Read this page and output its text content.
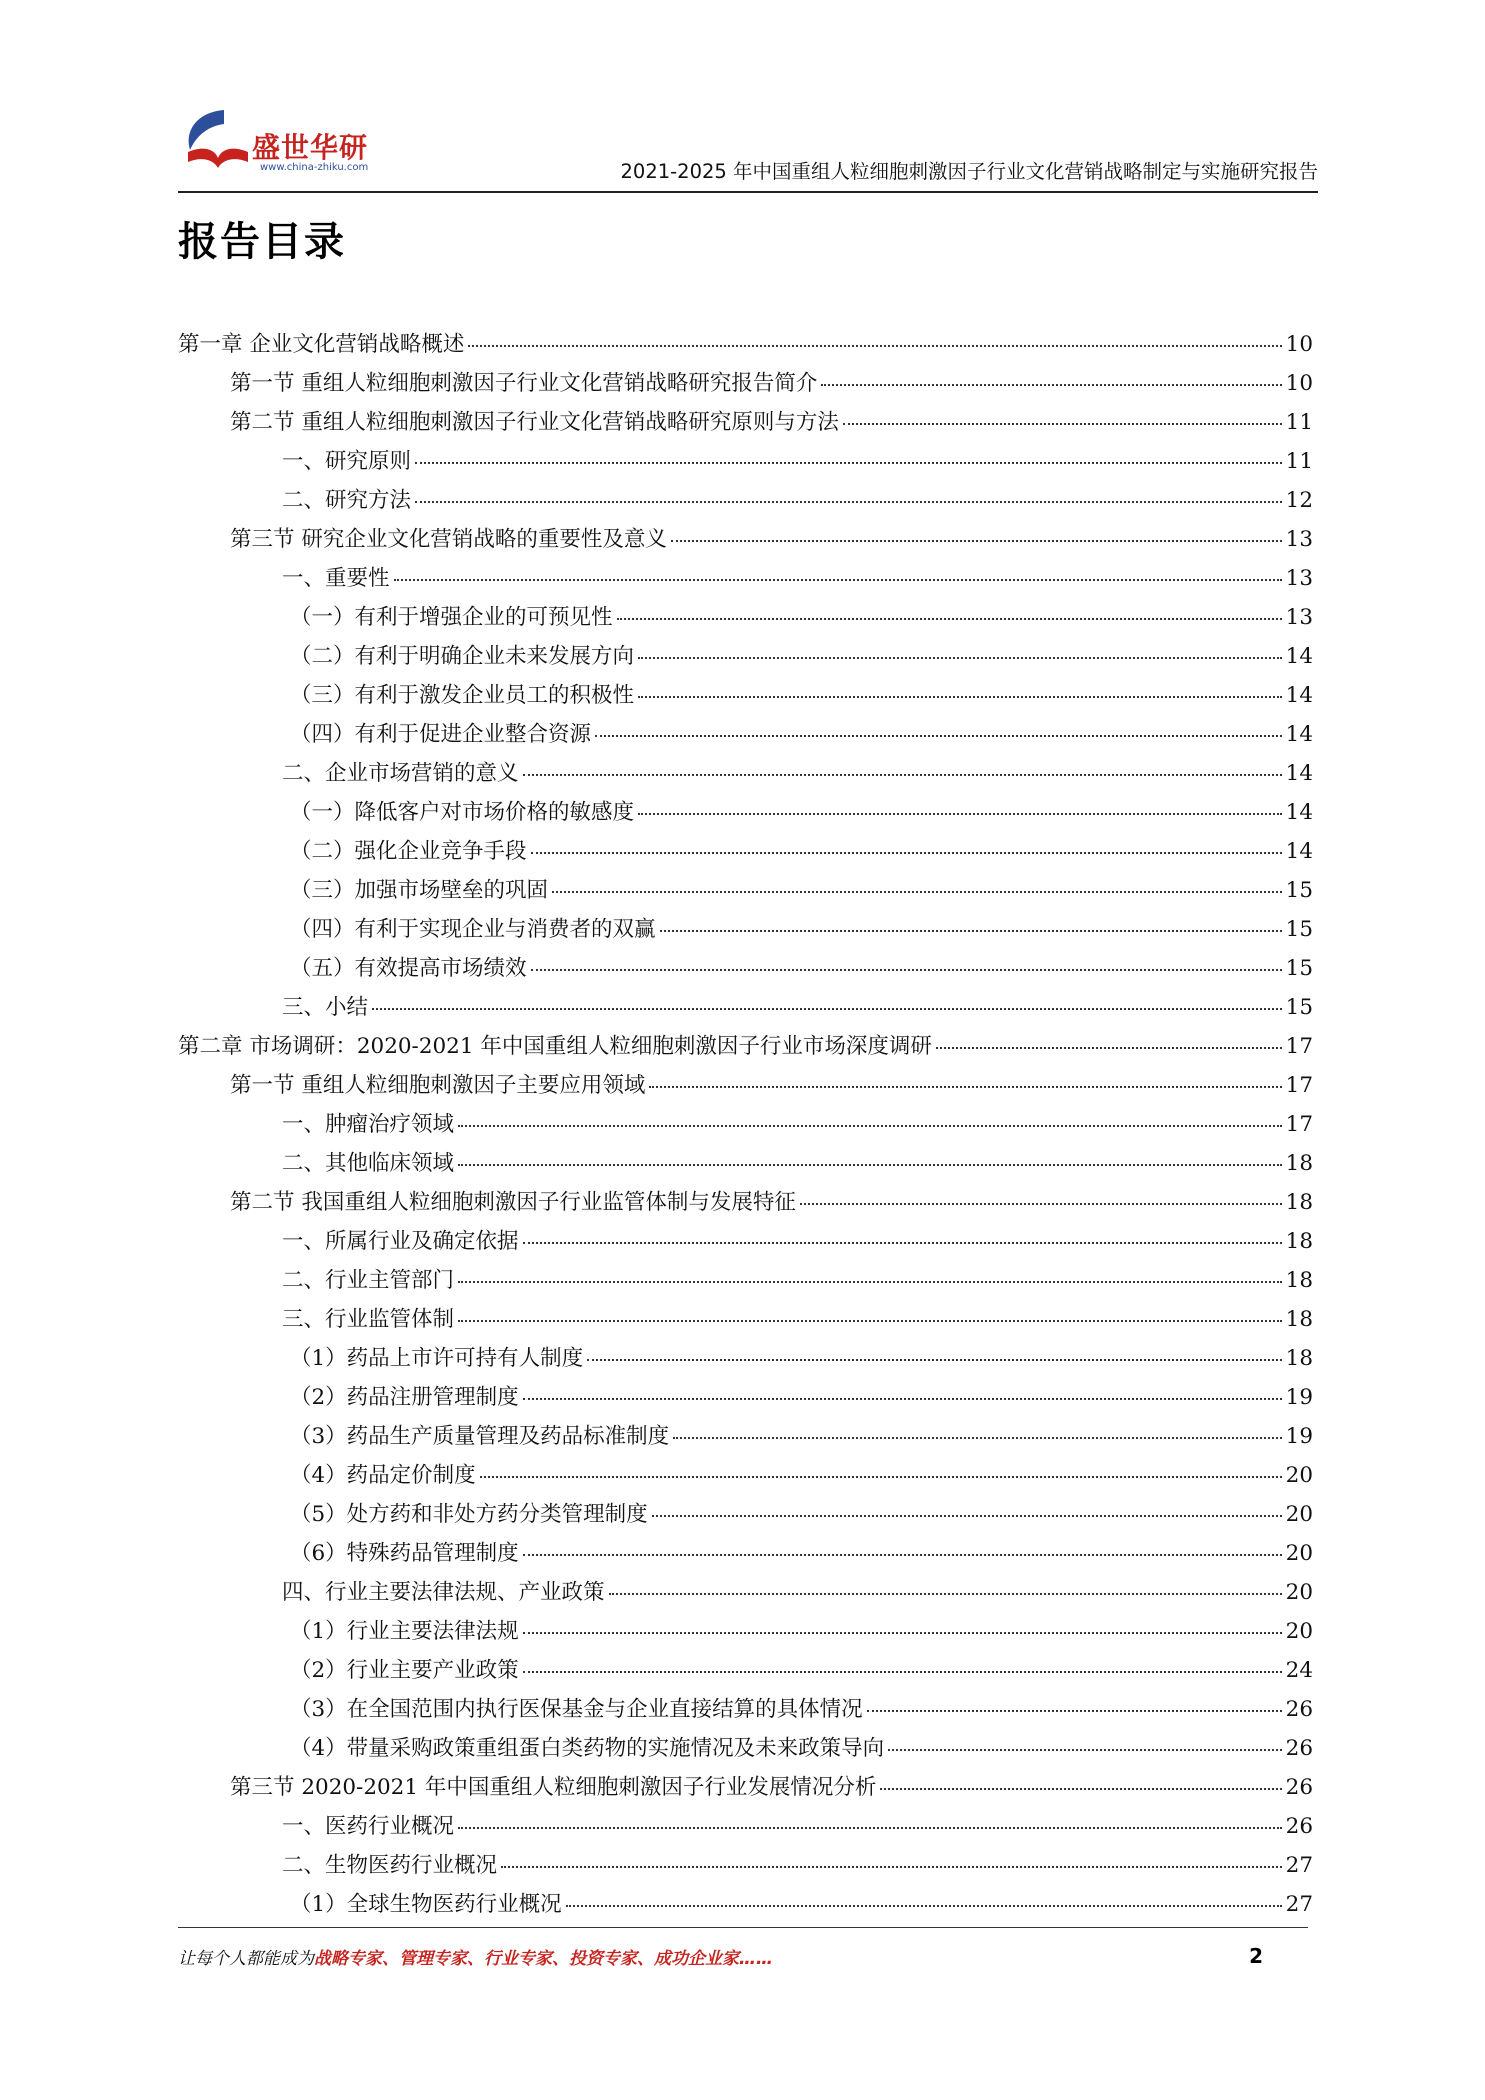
盛世华研
www.china-zhiku.com	2021-2025 年中国重组人粒细胞刺激因子行业文化营销战略制定与实施研究报告
报告目录
第一章 企业文化营销战略概述	10
第一节 重组人粒细胞刺激因子行业文化营销战略研究报告简介	10
第二节 重组人粒细胞刺激因子行业文化营销战略研究原则与方法	11
一、研究原则	11
二、研究方法	12
第三节 研究企业文化营销战略的重要性及意义	13
一、重要性	13
（一）有利于增强企业的可预见性	13
（二）有利于明确企业未来发展方向	14
（三）有利于激发企业员工的积极性	14
（四）有利于促进企业整合资源	14
二、企业市场营销的意义	14
（一）降低客户对市场价格的敏感度	14
（二）强化企业竞争手段	14
（三）加强市场壁垒的巩固	15
（四）有利于实现企业与消费者的双赢	15
（五）有效提高市场绩效	15
三、小结	15
第二章 市场调研：2020-2021 年中国重组人粒细胞刺激因子行业市场深度调研	17
第一节 重组人粒细胞刺激因子主要应用领域	17
一、肿瘤治疗领域	17
二、其他临床领域	18
第二节 我国重组人粒细胞刺激因子行业监管体制与发展特征	18
一、所属行业及确定依据	18
二、行业主管部门	18
三、行业监管体制	18
（1）药品上市许可持有人制度	18
（2）药品注册管理制度	19
（3）药品生产质量管理及药品标准制度	19
（4）药品定价制度	20
（5）处方药和非处方药分类管理制度	20
（6）特殊药品管理制度	20
四、行业主要法律法规、产业政策	20
（1）行业主要法律法规	20
（2）行业主要产业政策	24
（3）在全国范围内执行医保基金与企业直接结算的具体情况	26
（4）带量采购政策重组蛋白类药物的实施情况及未来政策导向	26
第三节 2020-2021 年中国重组人粒细胞刺激因子行业发展情况分析	26
一、医药行业概况	26
二、生物医药行业概况	27
（1）全球生物医药行业概况	27
让每个人都能成为战略专家、管理专家、行业专家、投资专家、成功企业家……	2
